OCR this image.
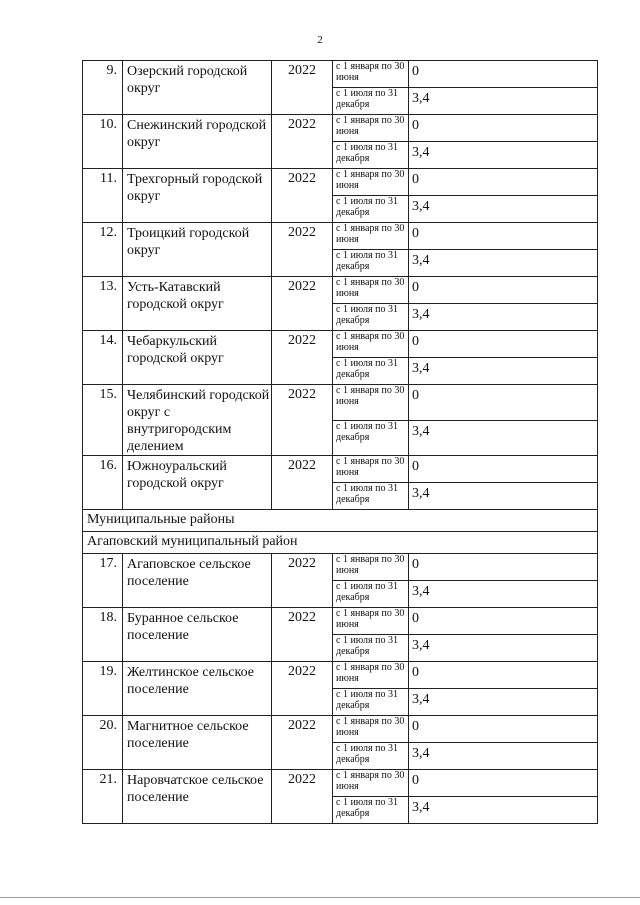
2
9.	Озерский городской округ	2022	с 1 января по 30 июня	0
			с 1 июля по 31 декабря	3,4
10.	Снежинский городской округ	2022	с 1 января по 30 июня	0
			с 1 июля по 31 декабря	3,4
11.	Трехгорный городской округ	2022	с 1 января по 30 июня	0
			с 1 июля по 31 декабря	3,4
12.	Троицкий городской округ	2022	с 1 января по 30 июня	0
			с 1 июля по 31 декабря	3,4
13.	Усть-Катавский городской округ	2022	с 1 января по 30 июня	0
			с 1 июля по 31 декабря	3,4
14.	Чебаркульский городской округ	2022	с 1 января по 30 июня	0
			с 1 июля по 31 декабря	3,4
15.	Челябинский городской округ с внутригородским делением	2022	с 1 января по 30 июня	0
			с 1 июля по 31 декабря	3,4
16.	Южноуральский городской округ	2022	с 1 января по 30 июня	0
			с 1 июля по 31 декабря	3,4
Муниципальные районы				
Агаповский муниципальный район				
17.	Агаповское сельское поселение	2022	с 1 января по 30 июня	0
			с 1 июля по 31 декабря	3,4
18.	Буранное сельское поселение	2022	с 1 января по 30 июня	0
			с 1 июля по 31 декабря	3,4
19.	Желтинское сельское поселение	2022	с 1 января по 30 июня	0
			с 1 июля по 31 декабря	3,4
20.	Магнитное сельское поселение	2022	с 1 января по 30 июня	0
			с 1 июля по 31 декабря	3,4
21.	Наровчатское сельское поселение	2022	с 1 января по 30 июня	0
			с 1 июля по 31 декабря	3,4
